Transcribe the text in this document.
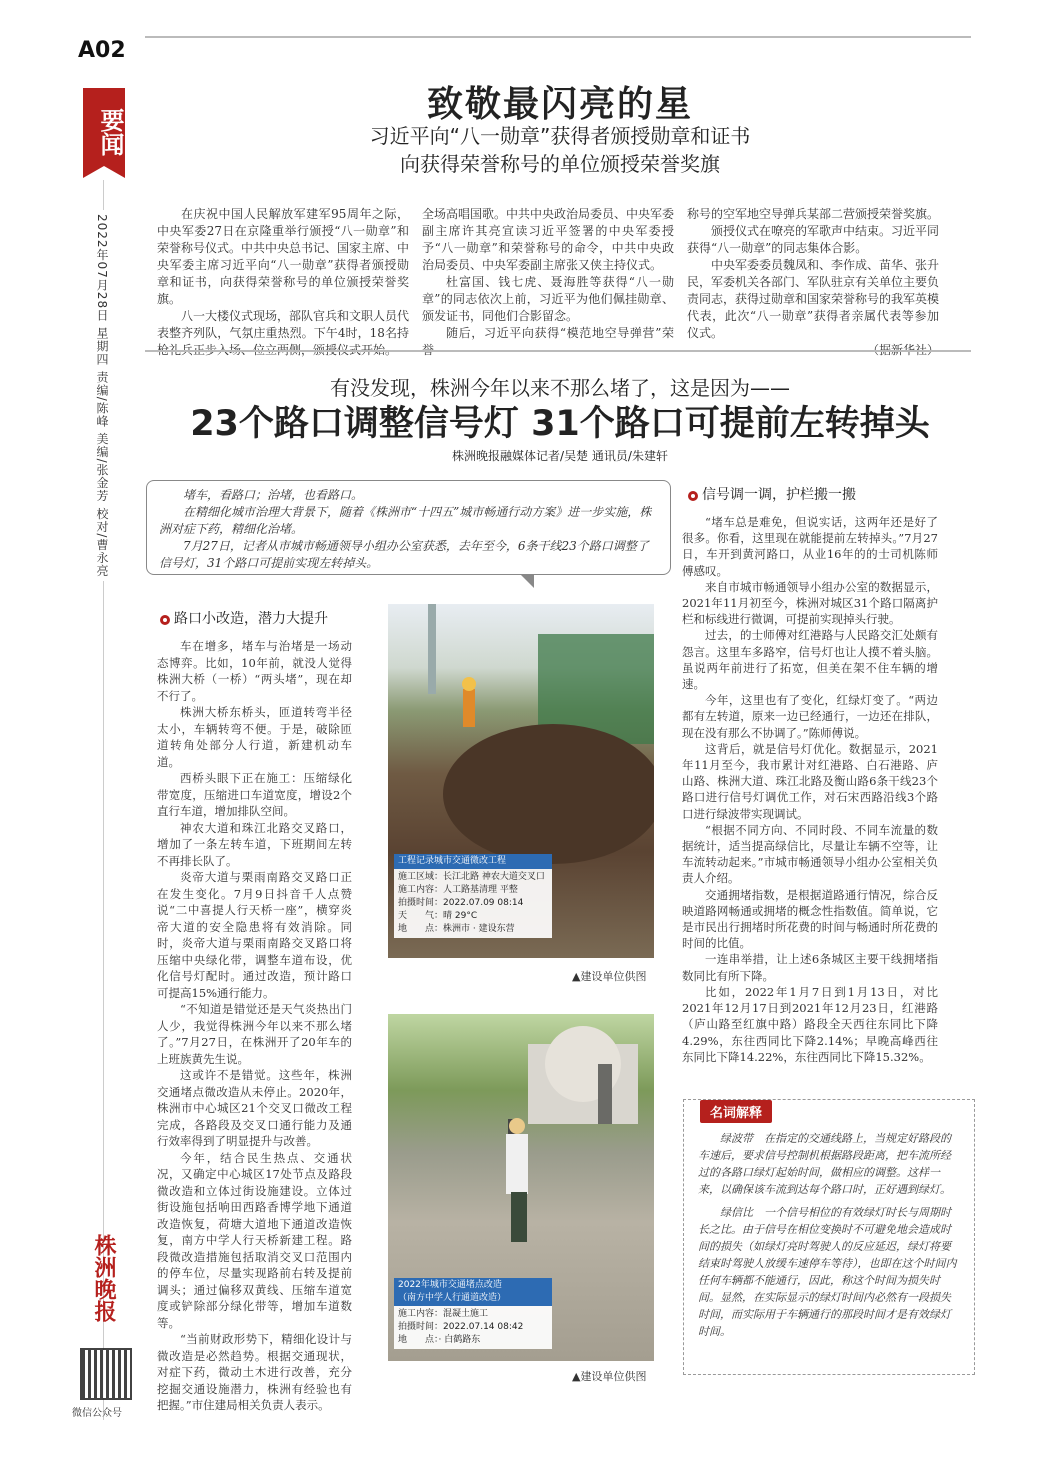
A02
要闻
2022年07月28日 星期四 责编/陈峰 美编/张金芳 校对/曹永亮
株洲晚报
微信公众号
致敬最闪亮的星
习近平向“八一勋章”获得者颁授勋章和证书
向获得荣誉称号的单位颁授荣誉奖旗

在庆祝中国人民解放军建军95周年之际，中央军委27日在京隆重举行颁授“八一勋章”和荣誉称号仪式。中共中央总书记、国家主席、中央军委主席习近平向“八一勋章”获得者颁授勋章和证书，向获得荣誉称号的单位颁授荣誉奖旗。

八一大楼仪式现场，部队官兵和文职人员代表整齐列队，气氛庄重热烈。下午4时，18名持

全场高唱国歌。中共中央政治局委员、中央军委副主席许其亮宣读习近平签署的中央军委授予“八一勋章”和荣誉称号的命令，中共中央政治局委员、中央军委副主席张又侠主持仪式。

杜富国、钱七虎、聂海胜等获得“八一勋章”的同志依次上前，习近平为他们佩挂勋章、颁发证书，同他们合影留念。

随后，习近平向获得“模范地空导弹营”荣

称号的空军地空导弹兵某部二营颁授荣誉奖旗。

颁授仪式在嘹亮的军歌声中结束。习近平同获得“八一勋章”的同志集体合影。

中央军委委员魏凤和、李作成、苗华、张升民，军委机关各部门、军队驻京有关单位主要负责同志，获得过勋章和国家荣誉称号的我军英模代表，此次“八一勋章”获得者亲属代表等参加仪式。

有没发现，株洲今年以来不那么堵了，这是因为——
23个路口调整信号灯 31个路口可提前左转掉头
株洲晚报融媒体记者/吴楚 通讯员/朱建轩

堵车，看路口；治堵，也看路口。

在精细化城市治理大背景下，随着《株洲市“十四五”城市畅通行动方案》进一步实施，株洲对症下药，精细化治堵。

7月27日，记者从市城市畅通领导小组办公室获悉，去年至今，6条干线23个路口调整了信号灯，31个路口可提前实现左转掉头。

路口小改造，潜力大提升

车在增多，堵车与治堵是一场动态博弈。比如，10年前，就没人觉得株洲大桥（一桥）“两头堵”，现在却不行了。

株洲大桥东桥头，匝道转弯半径太小，车辆转弯不便。于是，破除匝道转角处部分人行道，新建机动车道。

西桥头眼下正在施工：压缩绿化带宽度，压缩进口车道宽度，增设2个直行车道，增加排队空间。

神农大道和珠江北路交叉路口，增加了一条左转车道，下班期间左转不再排长队了。

炎帝大道与栗雨南路交叉路口正在发生变化。7月9日抖音千人点赞说“二中喜提人行天桥一座”，横穿炎帝大道的安全隐患将有效消除。同时，炎帝大道与栗雨南路交叉路口将压缩中央绿化带，调整车道布设，优化信号灯配时。通过改造，预计路口可提高15%通行能力。

“不知道是错觉还是天气炎热出门人少，我觉得株洲今年以来不那么堵了。”7月27日，在株洲开了20年车的上班族黄先生说。

这或许不是错觉。这些年，株洲交通堵点微改造从未停止。2020年，株洲市中心城区21个交叉口微改工程完成，各路段及交叉口通行能力及通行效率得到了明显提升与改善。

今年，结合民生热点、交通状况，又确定中心城区17处节点及路段微改造和立体过街设施建设。立体过街设施包括响田西路香博学地下通道改造恢复，荷塘大道地下通道改造恢复，南方中学人行天桥新建工程。路段微改造措施包括取消交叉口范围内的停车位，尽量实现路前右转及提前调头；通过偏移双黄线、压缩车道宽度或铲除部分绿化带等，增加车道数等。

“当前财政形势下，精细化设计与微改造是必然趋势。根据交通现状，对症下药，微动土木进行改善，充分挖掘交通设施潜力，株洲有经验也有把握。”市住建局相关负责人表示。

工程记录城市交通微改工程
施工区域：长江北路 神农大道交叉口
施工内容：人工路基清理 平整
拍摄时间：2022.07.09 08:14
天　　气：晴 29°C
地　　点：株洲市 · 建设东营
▲建设单位供图
2022年城市交通堵点改造
（南方中学人行通道改造）
施工内容：混凝土施工
拍摄时间：2022.07.14 08:42
地　　点：· 白鹤路东
▲建设单位供图
信号调一调，护栏搬一搬

“堵车总是难免，但说实话，这两年还是好了很多。你看，这里现在就能提前左转掉头。”7月27日，车开到黄河路口，从业16年的的士司机陈师傅感叹。

来自市城市畅通领导小组办公室的数据显示，2021年11月初至今，株洲对城区31个路口隔离护栏和标线进行微调，可提前实现掉头行驶。

过去，的士师傅对红港路与人民路交汇处颇有怨言。这里车多路窄，信号灯也让人摸不着头脑。虽说两年前进行了拓宽，但美在架不住车辆的增速。

今年，这里也有了变化，红绿灯变了。“两边都有左转道，原来一边已经通行，一边还在排队，现在没有那么不协调了。”陈师傅说。

这背后，就是信号灯优化。数据显示，2021年11月至今，我市累计对红港路、白石港路、庐山路、株洲大道、珠江北路及衡山路6条干线23个路口进行信号灯调优工作，对石宋西路沿线3个路口进行绿波带实现调试。

“根据不同方向、不同时段、不同车流量的数据统计，适当提高绿信比，尽量让车辆不空等，让车流转动起来。”市城市畅通领导小组办公室相关负责人介绍。

交通拥堵指数，是根据道路通行情况，综合反映道路网畅通或拥堵的概念性指数值。简单说，它是市民出行拥堵时所花费的时间与畅通时所花费的时间的比值。

一连串举措，让上述6条城区主要干线拥堵指数同比有所下降。

比如，2022年1月7日到1月13日，对比2021年12月17日到2021年12月23日，红港路（庐山路至红旗中路）路段全天西往东同比下降4.29%，东往西同比下降2.14%；早晚高峰西往东同比下降14.22%，东往西同比下降15.32%。

绿波带　在指定的交通线路上，当规定好路段的车速后，要求信号控制机根据路段距离，把车流所经过的各路口绿灯起始时间，做相应的调整。这样一来，以确保该车流到达每个路口时，正好遇到绿灯。

绿信比　一个信号相位的有效绿灯时长与周期时长之比。由于信号在相位变换时不可避免地会造成时间的损失（如绿灯亮时驾驶人的反应延迟，绿灯将要结束时驾驶人放缓车速停车等待），也即在这个时间内任何车辆都不能通行，因此，称这个时间为损失时间。显然，在实际显示的绿灯时间内必然有一段损失时间，而实际用于车辆通行的那段时间才是有效绿灯时间。

名词解释
